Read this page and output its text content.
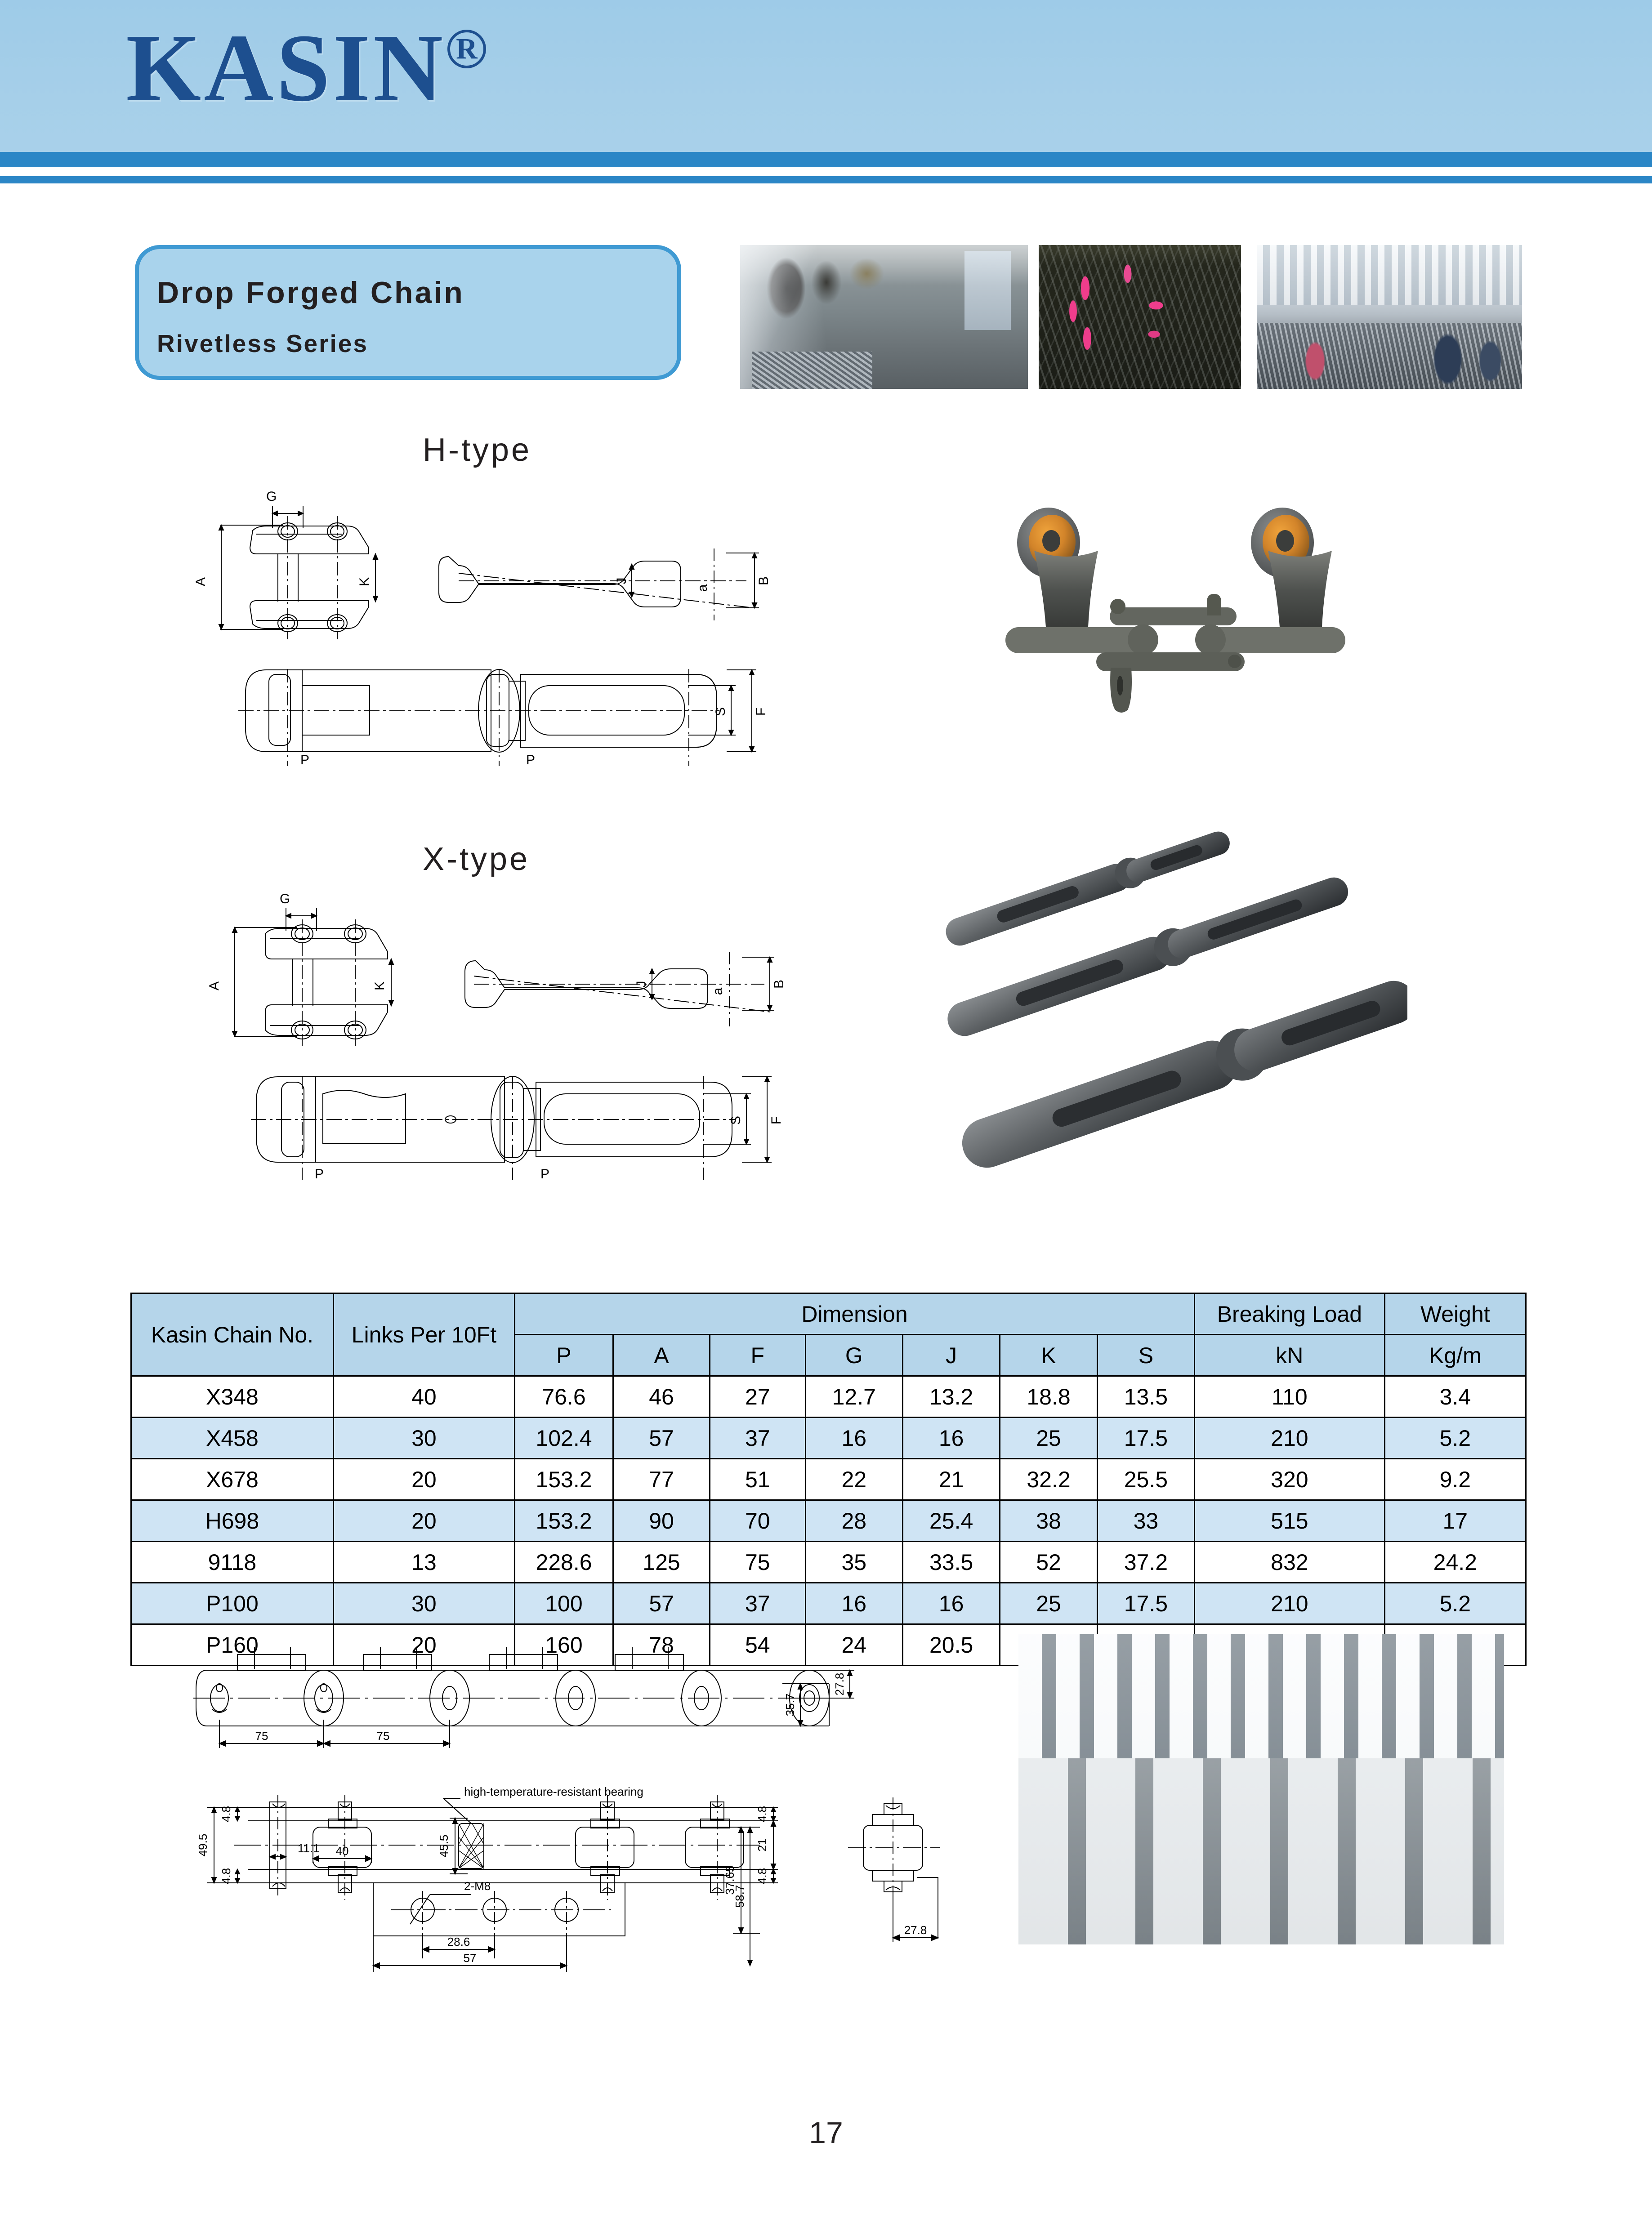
KASIN R
Drop Forged Chain
Rivetless Series
H-type
G
A	K	J
a
B
S F
P	P
X-type
G
A	K	J
a
B
S F
P	P
Kasin Chain No.	Links Per 10Ft	Dimension							Breaking Load	Weight
		P	A	F	G	J	K	S	kN	Kg/m
X348	40	76.6	46	27	12.7	13.2	18.8	13.5	110	3.4
X458	30	102.4	57	37	16	16	25	17.5	210	5.2
X678	20	153.2	77	51	22	21	32.2	25.5	320	9.2
H698	20	153.2	90	70	28	25.4	38	33	515	17
9118	13	228.6	125	75	35	33.5	52	37.2	832	24.2
P100	30	100	57	37	16	16	25	17.5	210	5.2
P160	20	160	78	54	24	20.5				
75	75
35.7
27.8
49.5
4.8
4.8
11.1 40	45.5
4.8
21
4.8
37.65
58.7
2-M8
28.6
57
27.8
high-temperature-resistant bearing
17
